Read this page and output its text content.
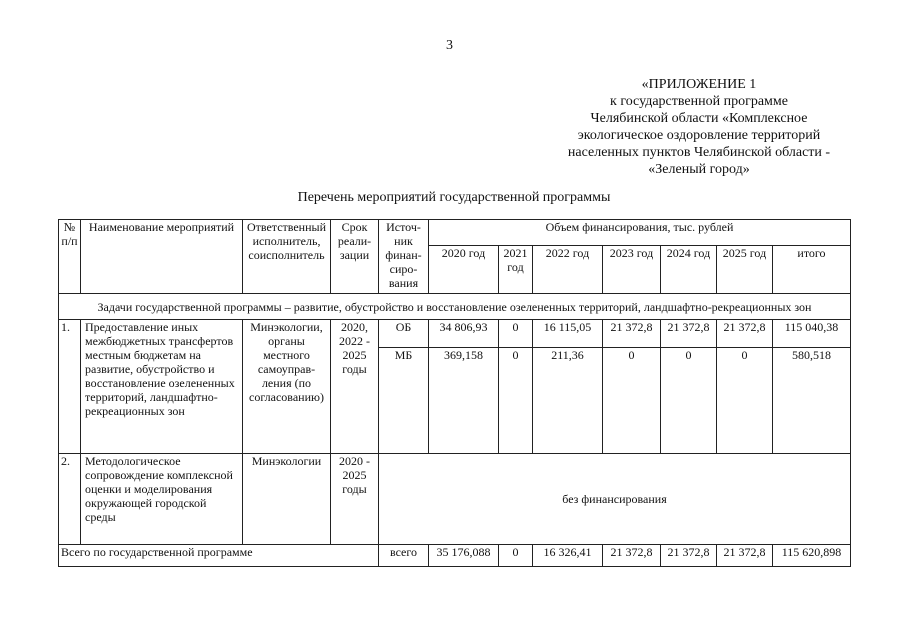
3
«ПРИЛОЖЕНИЕ 1
к государственной программе
Челябинской области «Комплексное
экологическое оздоровление территорий
населенных пунктов Челябинской области -
«Зеленый город»
Перечень мероприятий государственной программы
№ п/п	Наименование мероприятий	Ответственный исполнитель, соисполнитель	Срок реали-зации	Источ-ник финан-сиро-вания	Объем финансирования, тыс. рублей						
					2020 год	2021 год	2022 год	2023 год	2024 год	2025 год	итого
Задачи государственной программы – развитие, обустройство и восстановление озелененных территорий, ландшафтно-рекреационных зон											
1.	Предоставление иных межбюджетных трансфертов местным бюджетам на развитие, обустройство и восстановление озелененных территорий, ландшафтно-рекреационных зон	Минэкологии, органы местного самоуправ-ления (по согласованию)	2020, 2022 - 2025 годы	ОБ	34 806,93	0	16 115,05	21 372,8	21 372,8	21 372,8	115 040,38
				МБ	369,158	0	211,36	0	0	0	580,518
2.	Методологическое сопровождение комплексной оценки и моделирования окружающей городской среды	Минэкологии	2020 - 2025 годы	без финансирования							
Всего по государственной программе				всего	35 176,088	0	16 326,41	21 372,8	21 372,8	21 372,8	115 620,898
